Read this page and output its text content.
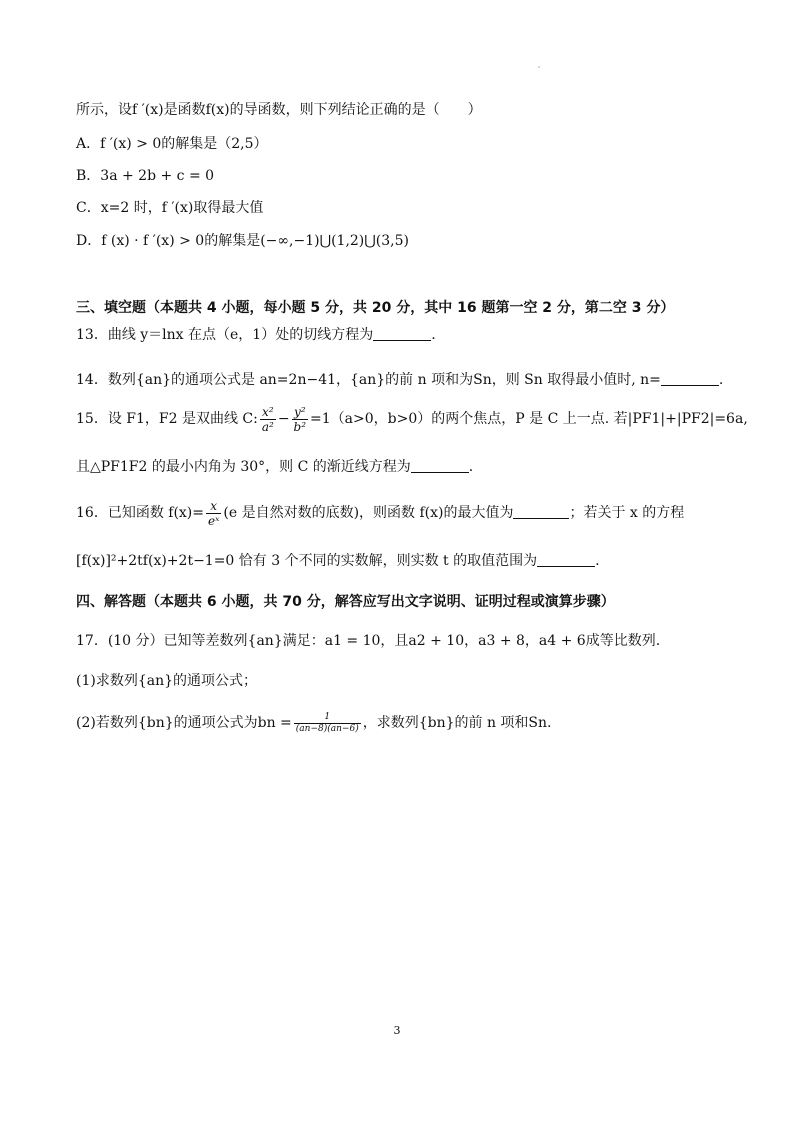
所示，设f ′(x)是函数f(x)的导函数，则下列结论正确的是（　　）
A．f ′(x) > 0的解集是（2,5）
B．3a + 2b + c = 0
C．x=2 时，f ′(x)取得最大值
D．f (x) · f ′(x) > 0的解集是(−∞,−1)⋃(1,2)⋃(3,5)
三、填空题（本题共 4 小题，每小题 5 分，共 20 分，其中 16 题第一空 2 分，第二空 3 分）
13．曲线 y＝lnx 在点（e，1）处的切线方程为	.
14．数列{an}的通项公式是 an=2n−41，{an}的前 n 项和为Sn，则 Sn 取得最小值时, n=	.
15．设 F1，F2 是双曲线 C: $\frac{\text{x²}}{\text{a²}} - \frac{\text{y²}}{\text{b²}} =1(a>0$，b>0）的两个焦点，P 是 C 上一点. 若|PF1|+|PF2|=6a,
且△PF1F2 的最小内角为 30°，则 C 的渐近线方程为	.
16．已知函数 $f(x)= \frac{x}{\text{eˣ}} (e$ 是自然对数的底数)，则函数 f(x)的最大值为	；若关于 x 的方程
[f(x)]²+2tf(x)+2t−1=0 恰有 3 个不同的实数解，则实数 t 的取值范围为	.
四、解答题（本题共 6 小题，共 70 分，解答应写出文字说明、证明过程或演算步骤）
17．(10 分）已知等差数列{an}满足：a1 = 10，且a2 + 10，a3 + 8，a4 + 6成等比数列.
(1)求数列{an}的通项公式；
(2)若数列{bn}的通项公式为bn = $\frac{1}{(an-8)(an-6)}$ ，求数列{bn}的前 n 项和Sn.
3
